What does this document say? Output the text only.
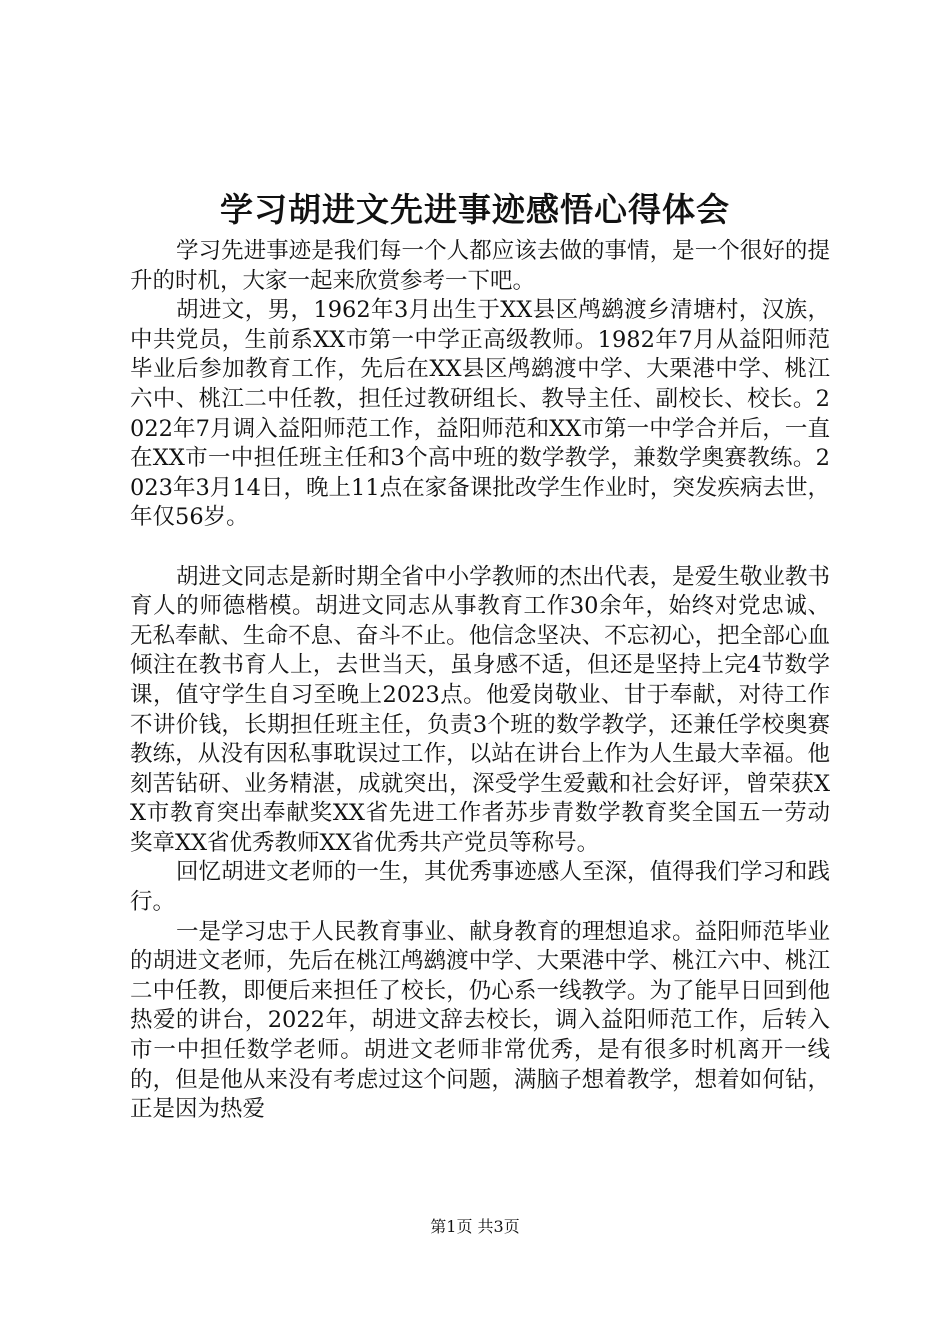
学习胡进文先进事迹感悟心得体会

学习先进事迹是我们每一个人都应该去做的事情，是一个很好的提升的时机，大家一起来欣赏参考一下吧。

胡进文，男，1962年3月出生于XX县区鸬鹚渡乡清塘村，汉族，中共党员，生前系XX市第一中学正高级教师。1982年7月从益阳师范毕业后参加教育工作，先后在XX县区鸬鹚渡中学、大栗港中学、桃江六中、桃江二中任教，担任过教研组长、教导主任、副校长、校长。2022年7月调入益阳师范工作，益阳师范和XX市第一中学合并后，一直在XX市一中担任班主任和3个高中班的数学教学，兼数学奥赛教练。2023年3月14日，晚上11点在家备课批改学生作业时，突发疾病去世，年仅56岁。

胡进文同志是新时期全省中小学教师的杰出代表，是爱生敬业教书育人的师德楷模。胡进文同志从事教育工作30余年，始终对党忠诚、无私奉献、生命不息、奋斗不止。他信念坚决、不忘初心，把全部心血倾注在教书育人上，去世当天，虽身感不适，但还是坚持上完4节数学课，值守学生自习至晚上2023点。他爱岗敬业、甘于奉献，对待工作不讲价钱，长期担任班主任，负责3个班的数学教学，还兼任学校奥赛教练，从没有因私事耽误过工作，以站在讲台上作为人生最大幸福。他刻苦钻研、业务精湛，成就突出，深受学生爱戴和社会好评，曾荣获XX市教育突出奉献奖XX省先进工作者苏步青数学教育奖全国五一劳动奖章XX省优秀教师XX省优秀共产党员等称号。

回忆胡进文老师的一生，其优秀事迹感人至深，值得我们学习和践行。

一是学习忠于人民教育事业、献身教育的理想追求。益阳师范毕业的胡进文老师，先后在桃江鸬鹚渡中学、大栗港中学、桃江六中、桃江二中任教，即便后来担任了校长，仍心系一线教学。为了能早日回到他热爱的讲台，2022年，胡进文辞去校长，调入益阳师范工作，后转入市一中担任数学老师。胡进文老师非常优秀，是有很多时机离开一线的，但是他从来没有考虑过这个问题，满脑子想着教学，想着如何钻，正是因为热爱

第1页 共3页
